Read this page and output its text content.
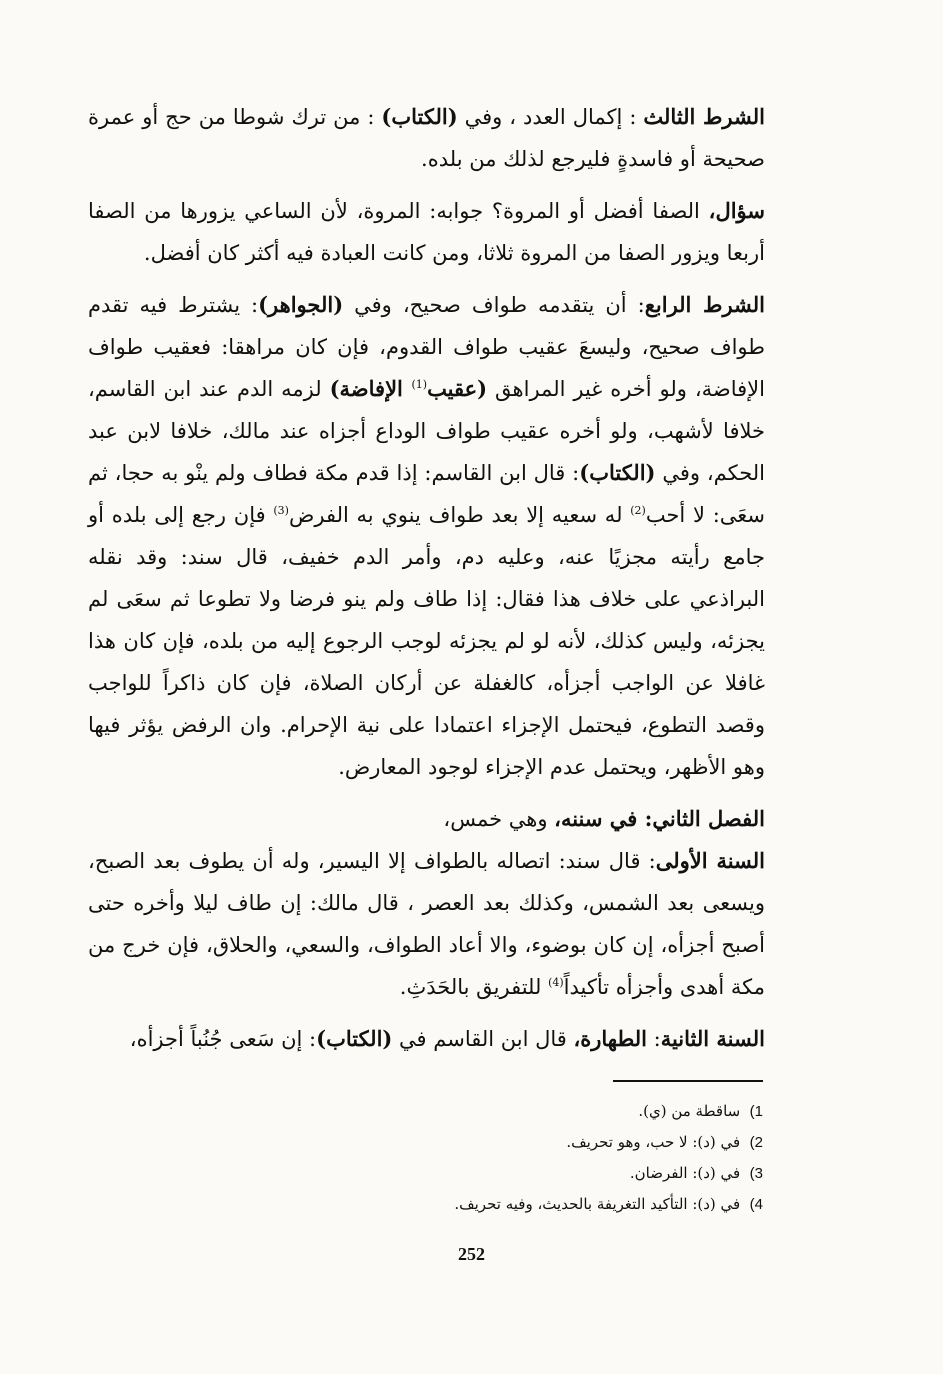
الشرط الثالث : إكمال العدد ، وفي (الكتاب) : من ترك شوطا من حج أو عمرة صحيحة أو فاسدةٍ فليرجع لذلك من بلده.

سؤال، الصفا أفضل أو المروة؟ جوابه: المروة، لأن الساعي يزورها من الصفا أربعا ويزور الصفا من المروة ثلاثا، ومن كانت العبادة فيه أكثر كان أفضل.

الشرط الرابع: أن يتقدمه طواف صحيح، وفي (الجواهر): يشترط فيه تقدم طواف صحيح، وليسعَ عقيب طواف القدوم، فإن كان مراهقا: فعقيب طواف الإفاضة، ولو أخره غير المراهق (عقيب$^{(1)}$ الإفاضة) لزمه الدم عند ابن القاسم، خلافا لأشهب، ولو أخره عقيب طواف الوداع أجزاه عند مالك، خلافا لابن عبد الحكم، وفي (الكتاب): قال ابن القاسم: إذا قدم مكة فطاف ولم ينْو به حجا، ثم سعَى: لا أحب$^{(2)}$ له سعيه إلا بعد طواف ينوي به الفرض$^{(3)}$ فإن رجع إلى بلده أو جامع رأيته مجزيًا عنه، وعليه دم، وأمر الدم خفيف، قال سند: وقد نقله البراذعي على خلاف هذا فقال: إذا طاف ولم ينو فرضا ولا تطوعا ثم سعَى لم يجزئه، وليس كذلك، لأنه لو لم يجزئه لوجب الرجوع إليه من بلده، فإن كان هذا غافلا عن الواجب أجزأه، كالغفلة عن أركان الصلاة، فإن كان ذاكراً للواجب وقصد التطوع، فيحتمل الإجزاء اعتمادا على نية الإحرام. وان الرفض يؤثر فيها وهو الأظهر، ويحتمل عدم الإجزاء لوجود المعارض.

الفصل الثاني: في سننه، وهي خمس،

السنة الأولى: قال سند: اتصاله بالطواف إلا اليسير، وله أن يطوف بعد الصبح، ويسعى بعد الشمس، وكذلك بعد العصر ، قال مالك: إن طاف ليلا وأخره حتى أصبح أجزأه، إن كان بوضوء، والا أعاد الطواف، والسعي، والحلاق، فإن خرج من مكة أهدى وأجزأه تأكيداً$^{(4)}$ للتفريق بالحَدَثِ.

السنة الثانية: الطهارة، قال ابن القاسم في (الكتاب): إن سَعى جُنُباً أجزأه،

1) ساقطة من (ي).

2) في (د): لا حب، وهو تحريف.

3) في (د): الفرضان.

4) في (د): التأكيد التغريفة بالحديث، وفيه تحريف.

252
